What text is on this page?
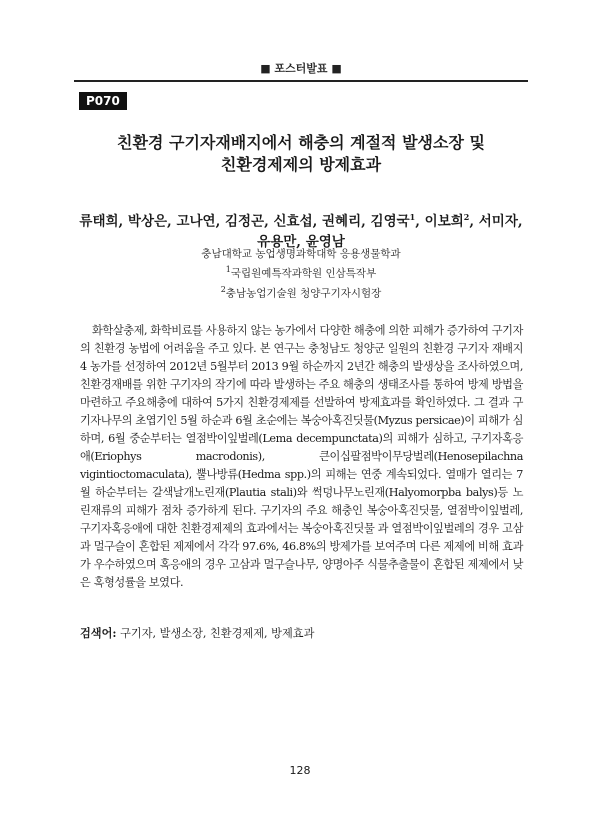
■ 포스터발표 ■
P070
친환경 구기자재배지에서 해충의 계절적 발생소장 및
친환경제제의 방제효과
류태희, 박상은, 고나연, 김정곤, 신효섭, 권혜리, 김영국$^1$, 이보희$^2$, 서미자,
유용만, 윤영남
충남대학교 농업생명과학대학 응용생물학과
$^1$국립원예특작과학원 인삼특작부
$^2$충남농업기술원 청양구기자시험장

화학살충제, 화학비료를 사용하지 않는 농가에서 다양한 해충에 의한 피해가 증가하여 구기자의 친환경 농법에 어려움을 주고 있다. 본 연구는 충청남도 청양군 일원의 친환경 구기자 재배지 4 농가를 선정하여 2012년 5월부터 2013 9월 하순까지 2년간 해충의 발생상을 조사하였으며, 친환경재배를 위한 구기자의 작기에 따라 발생하는 주요 해충의 생태조사를 통하여 방제 방법을 마련하고 주요해충에 대하여 5가지 친환경제제를 선발하여 방제효과를 확인하였다. 그 결과 구기자나무의 초엽기인 5월 하순과 6월 초순에는 복숭아혹진딧물(Myzus persicae)이 피해가 심하며, 6월 중순부터는 열점박이잎벌레(Lema decempunctata)의 피해가 심하고, 구기자혹응애(Eriophys macrodonis), 큰이십팔점박이무당벌레(Henosepilachna vigintioctomaculata), 뿔나방류(Hedma spp.)의 피해는 연중 계속되었다. 열매가 열리는 7월 하순부터는 갈색날개노린재(Plautia stali)와 썩덩나무노린재(Halyomorpba balys)등 노린재류의 피해가 점차 증가하게 된다. 구기자의 주요 해충인 복숭아혹진딧물, 열점박이잎벌레, 구기자혹응애에 대한 친환경제제의 효과에서는 복숭아혹진딧물 과 열점박이잎벌레의 경우 고삼과 멀구슬이 혼합된 제제에서 각각 97.6%, 46.8%의 방제가를 보여주며 다른 제제에 비해 효과가 우수하였으며 혹응애의 경우 고삼과 멀구슬나무, 양명아주 식물추출물이 혼합된 제제에서 낮은 혹형성률을 보였다.

검색어: 구기자, 발생소장, 친환경제제, 방제효과
128
